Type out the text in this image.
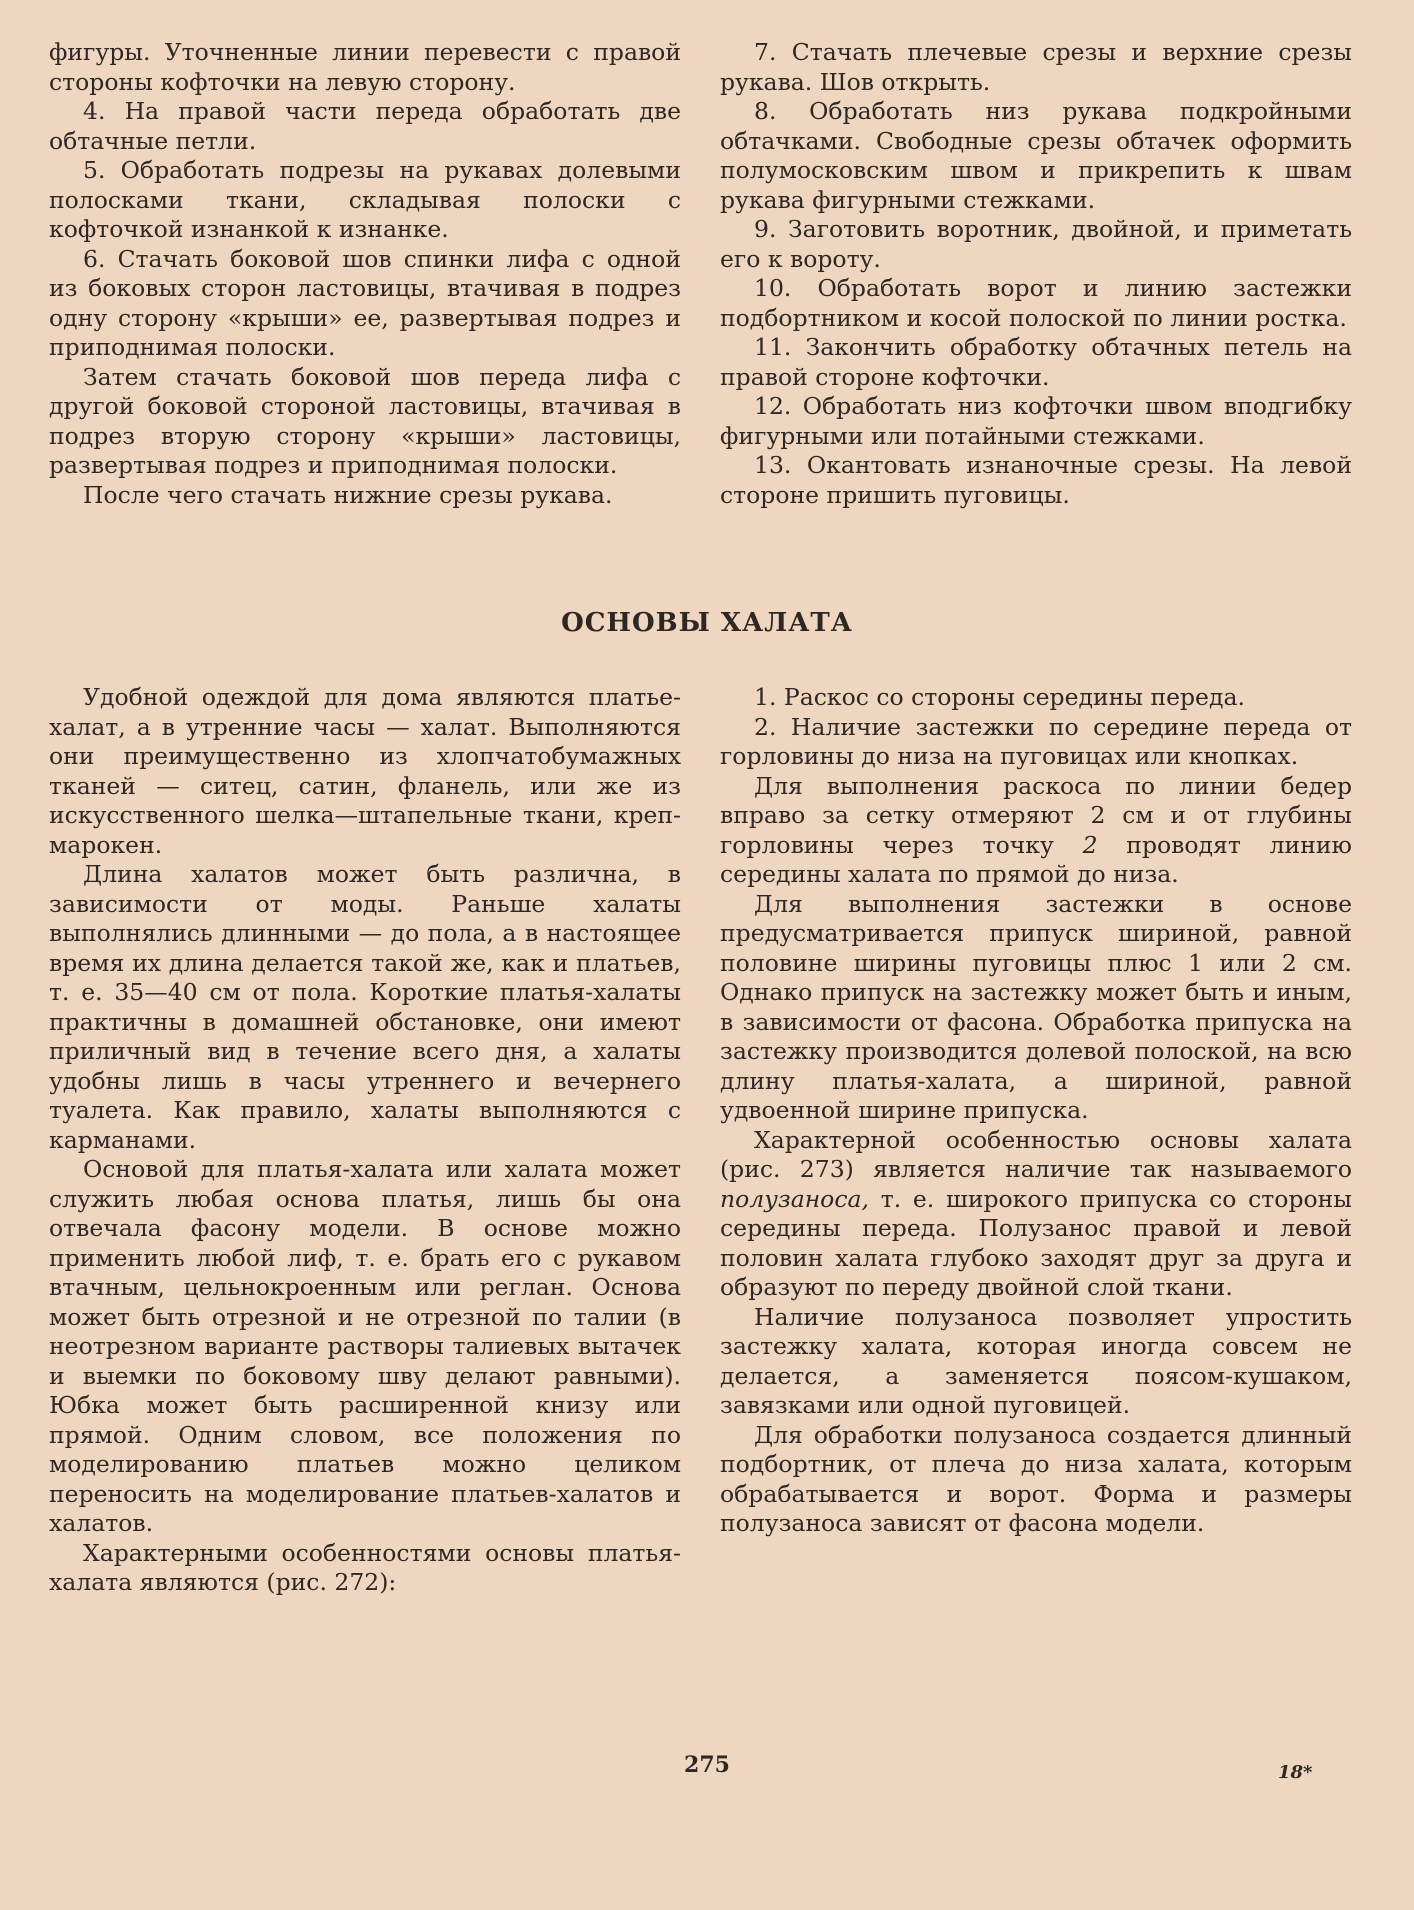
фигуры. Уточненные линии перевести с правой стороны кофточки на левую сторону.

4. На правой части переда обработать две обтачные петли.

5. Обработать подрезы на рукавах долевыми полосками ткани, складывая полоски с кофточкой изнанкой к изнанке.

6. Стачать боковой шов спинки лифа с одной из боковых сторон ластовицы, втачивая в подрез одну сторону «крыши» ее, развертывая подрез и приподнимая полоски.

Затем стачать боковой шов переда лифа с другой боковой стороной ластовицы, втачивая в подрез вторую сторону «крыши» ластовицы, развертывая подрез и приподнимая полоски.

После чего стачать нижние срезы рукава.

7. Стачать плечевые срезы и верхние срезы рукава. Шов открыть.

8. Обработать низ рукава подкройными обтачками. Свободные срезы обтачек оформить полумосковским швом и прикрепить к швам рукава фигурными стежками.

9. Заготовить воротник, двойной, и приметать его к вороту.

10. Обработать ворот и линию застежки подбортником и косой полоской по линии ростка.

11. Закончить обработку обтачных петель на правой стороне кофточки.

12. Обработать низ кофточки швом вподгибку фигурными или потайными стежками.

13. Окантовать изнаночные срезы. На левой стороне пришить пуговицы.

ОСНОВЫ ХАЛАТА

Удобной одеждой для дома являются платье-халат, а в утренние часы — халат. Выполняются они преимущественно из хлопчатобумажных тканей — ситец, сатин, фланель, или же из искусственного шелка—штапельные ткани, креп-марокен.

Длина халатов может быть различна, в зависимости от моды. Раньше халаты выполнялись длинными — до пола, а в настоящее время их длина делается такой же, как и платьев, т. е. 35—40 см от пола. Короткие платья-халаты практичны в домашней обстановке, они имеют приличный вид в течение всего дня, а халаты удобны лишь в часы утреннего и вечернего туалета. Как правило, халаты выполняются с карманами.

Основой для платья-халата или халата может служить любая основа платья, лишь бы она отвечала фасону модели. В основе можно применить любой лиф, т. е. брать его с рукавом втачным, цельнокроенным или реглан. Основа может быть отрезной и не отрезной по талии (в неотрезном варианте растворы талиевых вытачек и выемки по боковому шву делают равными). Юбка может быть расширенной книзу или прямой. Одним словом, все положения по моделированию платьев можно целиком переносить на моделирование платьев-халатов и халатов.

Характерными особенностями основы платья-халата являются (рис. 272):

1. Раскос со стороны середины переда.

2. Наличие застежки по середине переда от горловины до низа на пуговицах или кнопках.

Для выполнения раскоса по линии бедер вправо за сетку отмеряют 2 см и от глубины горловины через точку 2 проводят линию середины халата по прямой до низа.

Для выполнения застежки в основе предусматривается припуск шириной, равной половине ширины пуговицы плюс 1 или 2 см. Однако припуск на застежку может быть и иным, в зависимости от фасона. Обработка припуска на застежку производится долевой полоской, на всю длину платья-халата, а шириной, равной удвоенной ширине припуска.

Характерной особенностью основы халата (рис. 273) является наличие так называемого полузаноса, т. е. широкого припуска со стороны середины переда. Полузанос правой и левой половин халата глубоко заходят друг за друга и образуют по переду двойной слой ткани.

Наличие полузаноса позволяет упростить застежку халата, которая иногда совсем не делается, а заменяется поясом-кушаком, завязками или одной пуговицей.

Для обработки полузаноса создается длинный подбортник, от плеча до низа халата, которым обрабатывается и ворот. Форма и размеры полузаноса зависят от фасона модели.

275	18*
